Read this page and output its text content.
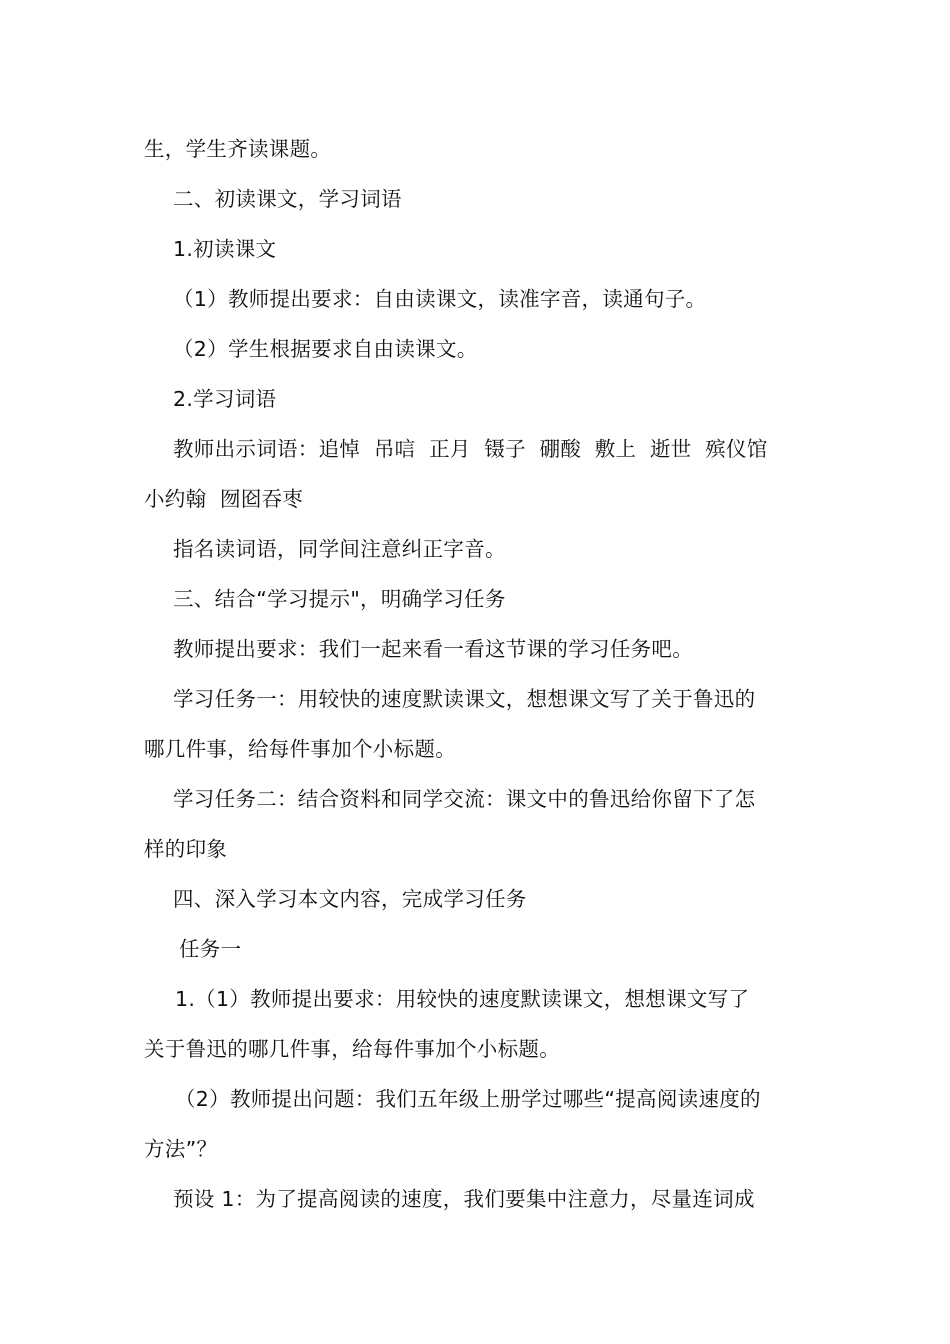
生，学生齐读课题。
二、初读课文，学习词语
1.初读课文
（1）教师提出要求：自由读课文，读准字音，读通句子。
（2）学生根据要求自由读课文。
2.学习词语
教师出示词语：追悼  吊唁  正月  镊子  硼酸  敷上  逝世  殡仪馆
小约翰  囫囵吞枣
指名读词语，同学间注意纠正字音。
三、结合“学习提示"，明确学习任务
教师提出要求：我们一起来看一看这节课的学习任务吧。
学习任务一：用较快的速度默读课文，想想课文写了关于鲁迅的
哪几件事，给每件事加个小标题。
学习任务二：结合资料和同学交流：课文中的鲁迅给你留下了怎
样的印象
四、深入学习本文内容，完成学习任务
任务一
1.（1）教师提出要求：用较快的速度默读课文，想想课文写了
关于鲁迅的哪几件事，给每件事加个小标题。
（2）教师提出问题：我们五年级上册学过哪些“提高阅读速度的
方法”？
预设 1：为了提高阅读的速度，我们要集中注意力，尽量连词成
